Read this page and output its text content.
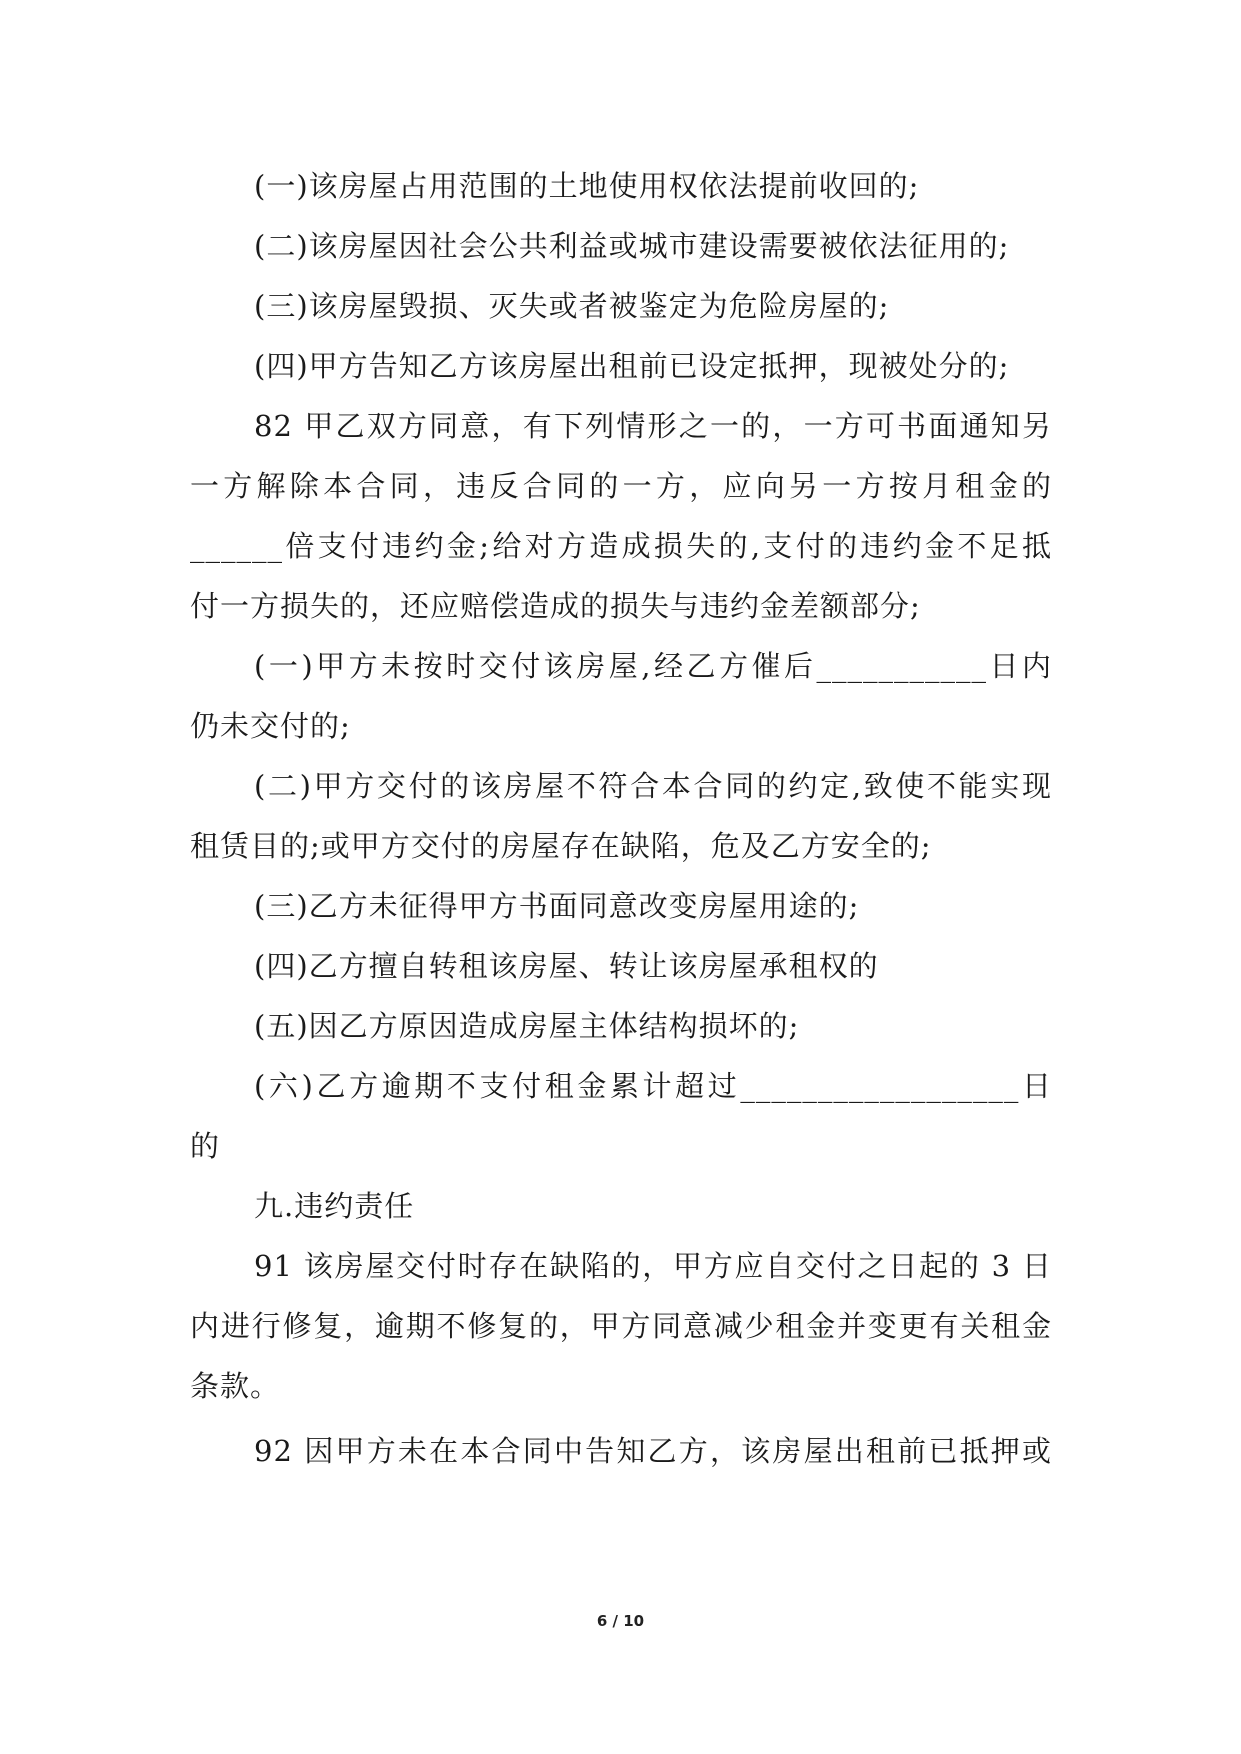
(一)该房屋占用范围的土地使用权依法提前收回的;
(二)该房屋因社会公共利益或城市建设需要被依法征用的;
(三)该房屋毁损、灭失或者被鉴定为危险房屋的;
(四)甲方告知乙方该房屋出租前已设定抵押，现被处分的;
82 甲乙双方同意，有下列情形之一的，一方可书面通知另
一方解除本合同，违反合同的一方，应向另一方按月租金的
______倍支付违约金;给对方造成损失的,支付的违约金不足抵
付一方损失的，还应赔偿造成的损失与违约金差额部分;
(一)甲方未按时交付该房屋,经乙方催后___________日内
仍未交付的;
(二)甲方交付的该房屋不符合本合同的约定,致使不能实现
租赁目的;或甲方交付的房屋存在缺陷，危及乙方安全的;
(三)乙方未征得甲方书面同意改变房屋用途的;
(四)乙方擅自转租该房屋、转让该房屋承租权的
(五)因乙方原因造成房屋主体结构损坏的;
(六)乙方逾期不支付租金累计超过__________________日
的
九.违约责任
91 该房屋交付时存在缺陷的，甲方应自交付之日起的 3 日
内进行修复，逾期不修复的，甲方同意减少租金并变更有关租金
条款。
92 因甲方未在本合同中告知乙方，该房屋出租前已抵押或
6 / 10
